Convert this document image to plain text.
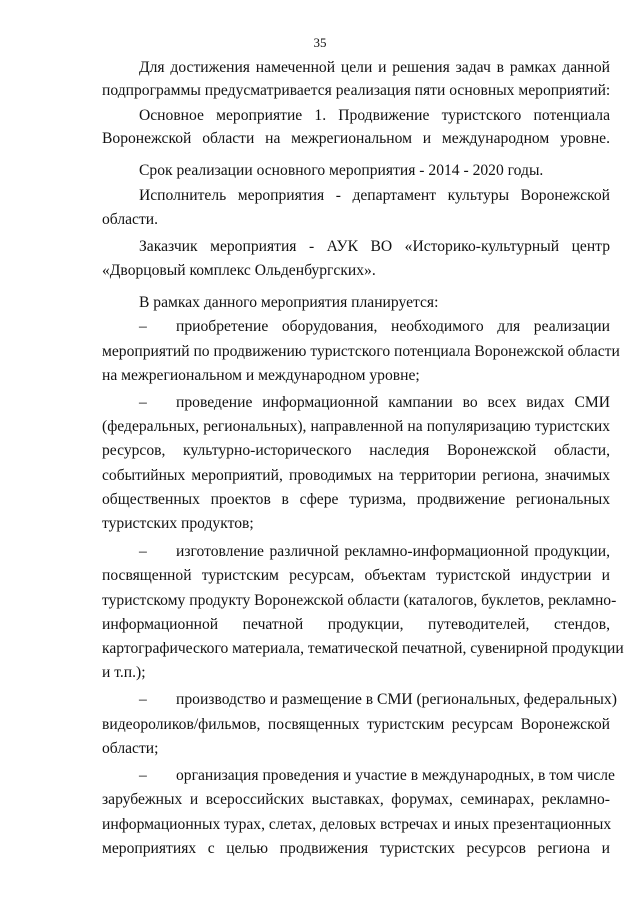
35
Для достижения намеченной цели и решения задач в рамках данной
подпрограммы предусматривается реализация пяти основных мероприятий:
Основное мероприятие 1. Продвижение туристского потенциала
Воронежской области на межрегиональном и международном уровне.
Срок реализации основного мероприятия - 2014 - 2020 годы.
Исполнитель мероприятия - департамент культуры Воронежской
области.
Заказчик мероприятия - АУК ВО «Историко-культурный центр
«Дворцовый комплекс Ольденбургских».
В рамках данного мероприятия планируется:
– приобретение оборудования, необходимого для реализации
мероприятий по продвижению туристского потенциала Воронежской области
на межрегиональном и международном уровне;
– проведение информационной кампании во всех видах СМИ
(федеральных, региональных), направленной на популяризацию туристских
ресурсов, культурно-исторического наследия Воронежской области,
событийных мероприятий, проводимых на территории региона, значимых
общественных проектов в сфере туризма, продвижение региональных
туристских продуктов;
– изготовление различной рекламно-информационной продукции,
посвященной туристским ресурсам, объектам туристской индустрии и
туристскому продукту Воронежской области (каталогов, буклетов, рекламно-
информационной печатной продукции, путеводителей, стендов,
картографического материала, тематической печатной, сувенирной продукции
и т.п.);
– производство и размещение в СМИ (региональных, федеральных)
видеороликов/фильмов, посвященных туристским ресурсам Воронежской
области;
– организация проведения и участие в международных, в том числе
зарубежных и всероссийских выставках, форумах, семинарах, рекламно-
информационных турах, слетах, деловых встречах и иных презентационных
мероприятиях с целью продвижения туристских ресурсов региона и
